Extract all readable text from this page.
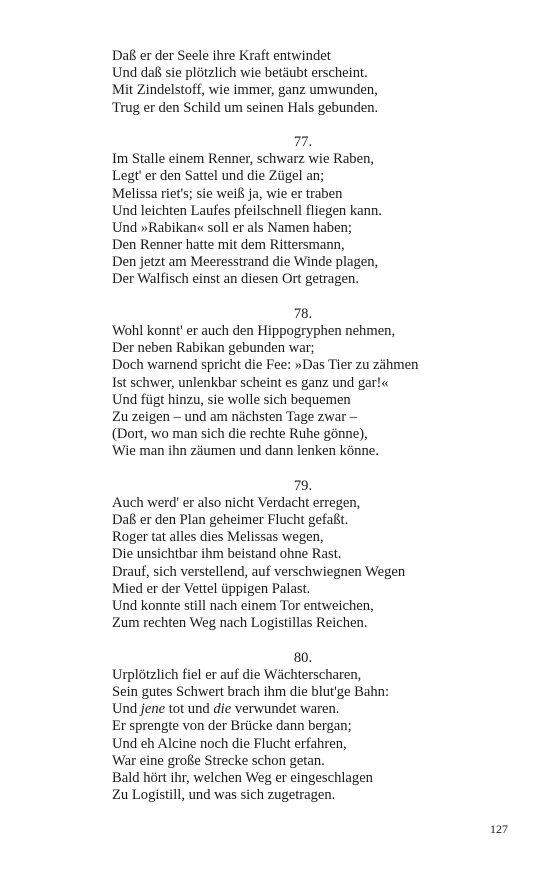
Daß er der Seele ihre Kraft entwindet
Und daß sie plötzlich wie betäubt erscheint.
Mit Zindelstoff, wie immer, ganz umwunden,
Trug er den Schild um seinen Hals gebunden.
77.
Im Stalle einem Renner, schwarz wie Raben,
Legt' er den Sattel und die Zügel an;
Melissa riet's; sie weiß ja, wie er traben
Und leichten Laufes pfeilschnell fliegen kann.
Und »Rabikan« soll er als Namen haben;
Den Renner hatte mit dem Rittersmann,
Den jetzt am Meeresstrand die Winde plagen,
Der Walfisch einst an diesen Ort getragen.
78.
Wohl konnt' er auch den Hippogryphen nehmen,
Der neben Rabikan gebunden war;
Doch warnend spricht die Fee: »Das Tier zu zähmen
Ist schwer, unlenkbar scheint es ganz und gar!«
Und fügt hinzu, sie wolle sich bequemen
Zu zeigen – und am nächsten Tage zwar –
(Dort, wo man sich die rechte Ruhe gönne),
Wie man ihn zäumen und dann lenken könne.
79.
Auch werd' er also nicht Verdacht erregen,
Daß er den Plan geheimer Flucht gefaßt.
Roger tat alles dies Melissas wegen,
Die unsichtbar ihm beistand ohne Rast.
Drauf, sich verstellend, auf verschwiegnen Wegen
Mied er der Vettel üppigen Palast.
Und konnte still nach einem Tor entweichen,
Zum rechten Weg nach Logistillas Reichen.
80.
Urplötzlich fiel er auf die Wächterscharen,
Sein gutes Schwert brach ihm die blut'ge Bahn:
Und jene tot und die verwundet waren.
Er sprengte von der Brücke dann bergan;
Und eh Alcine noch die Flucht erfahren,
War eine große Strecke schon getan.
Bald hört ihr, welchen Weg er eingeschlagen
Zu Logistill, und was sich zugetragen.
127
